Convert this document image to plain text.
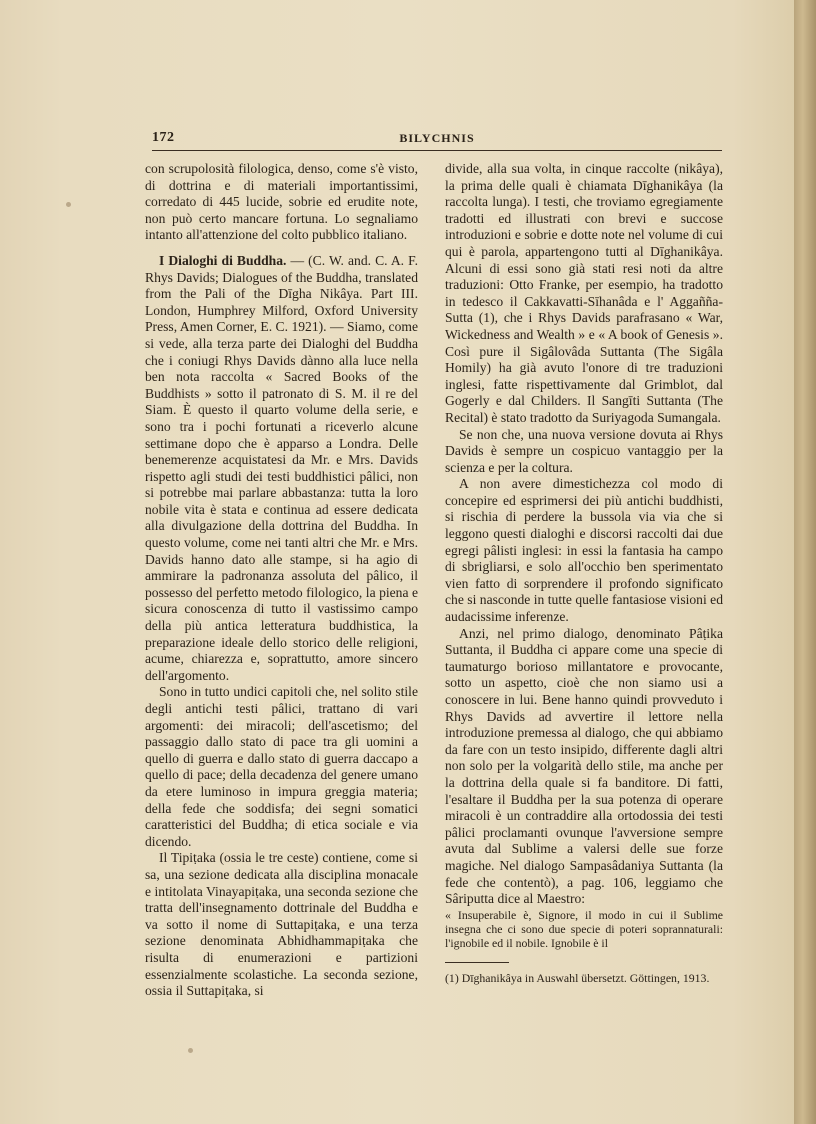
172	BILYCHNIS

con scrupolosità filologica, denso, come s'è visto, di dottrina e di materiali importantissimi, corredato di 445 lucide, sobrie ed erudite note, non può certo mancare fortuna. Lo segnaliamo intanto all'attenzione del colto pubblico italiano.

I Dialoghi di Buddha. — (C. W. and. C. A. F. Rhys Davids; Dialogues of the Buddha, translated from the Pali of the Dīgha Nikâya. Part III. London, Humphrey Milford, Oxford University Press, Amen Corner, E. C. 1921). — Siamo, come si vede, alla terza parte dei Dialoghi del Buddha che i coniugi Rhys Davids dànno alla luce nella ben nota raccolta « Sacred Books of the Buddhists » sotto il patronato di S. M. il re del Siam. È questo il quarto volume della serie, e sono tra i pochi fortunati a riceverlo alcune settimane dopo che è apparso a Londra. Delle benemerenze acquistatesi da Mr. e Mrs. Davids rispetto agli studi dei testi buddhistici pâlici, non si potrebbe mai parlare abbastanza: tutta la loro nobile vita è stata e continua ad essere dedicata alla divulgazione della dottrina del Buddha. In questo volume, come nei tanti altri che Mr. e Mrs. Davids hanno dato alle stampe, si ha agio di ammirare la padronanza assoluta del pâlico, il possesso del perfetto metodo filologico, la piena e sicura conoscenza di tutto il vastissimo campo della più antica letteratura buddhistica, la preparazione ideale dello storico delle religioni, acume, chiarezza e, soprattutto, amore sincero dell'argomento.

Sono in tutto undici capitoli che, nel solito stile degli antichi testi pâlici, trattano di vari argomenti: dei miracoli; dell'ascetismo; del passaggio dallo stato di pace tra gli uomini a quello di guerra e dallo stato di guerra daccapo a quello di pace; della decadenza del genere umano da etere luminoso in impura greggia materia; della fede che soddisfa; dei segni somatici caratteristici del Buddha; di etica sociale e via dicendo.

Il Tipiṭaka (ossia le tre ceste) contiene, come si sa, una sezione dedicata alla disciplina monacale e intitolata Vinayapiṭaka, una seconda sezione che tratta dell'insegnamento dottrinale del Buddha e va sotto il nome di Suttapiṭaka, e una terza sezione denominata Abhidhammapiṭaka che risulta di enumerazioni e partizioni essenzialmente scolastiche. La seconda sezione, ossia il Suttapiṭaka, si

divide, alla sua volta, in cinque raccolte (nikâya), la prima delle quali è chiamata Dīghanikâya (la raccolta lunga). I testi, che troviamo egregiamente tradotti ed illustrati con brevi e succose introduzioni e sobrie e dotte note nel volume di cui qui è parola, appartengono tutti al Dīghanikâya. Alcuni di essi sono già stati resi noti da altre traduzioni: Otto Franke, per esempio, ha tradotto in tedesco il Cakkavatti-Sīhanâda e l' Aggañña-Sutta (1), che i Rhys Davids parafrasano « War, Wickedness and Wealth » e « A book of Genesis ». Così pure il Sigâlovâda Suttanta (The Sigâla Homily) ha già avuto l'onore di tre traduzioni inglesi, fatte rispettivamente dal Grimblot, dal Gogerly e dal Childers. Il Sangīti Suttanta (The Recital) è stato tradotto da Suriyagoda Sumangala.

Se non che, una nuova versione dovuta ai Rhys Davids è sempre un cospicuo vantaggio per la scienza e per la coltura.

A non avere dimestichezza col modo di concepire ed esprimersi dei più antichi buddhisti, si rischia di perdere la bussola via via che si leggono questi dialoghi e discorsi raccolti dai due egregi pâlisti inglesi: in essi la fantasia ha campo di sbrigliarsi, e solo all'occhio ben sperimentato vien fatto di sorprendere il profondo significato che si nasconde in tutte quelle fantasiose visioni ed audacissime inferenze.

Anzi, nel primo dialogo, denominato Pâṭika Suttanta, il Buddha ci appare come una specie di taumaturgo borioso millantatore e provocante, sotto un aspetto, cioè che non siamo usi a conoscere in lui. Bene hanno quindi provveduto i Rhys Davids ad avvertire il lettore nella introduzione premessa al dialogo, che qui abbiamo da fare con un testo insipido, differente dagli altri non solo per la volgarità dello stile, ma anche per la dottrina della quale si fa banditore. Di fatti, l'esaltare il Buddha per la sua potenza di operare miracoli è un contraddire alla ortodossia dei testi pâlici proclamanti ovunque l'avversione sempre avuta dal Sublime a valersi delle sue forze magiche. Nel dialogo Sampasâdaniya Suttanta (la fede che contentò), a pag. 106, leggiamo che Sâriputta dice al Maestro:

« Insuperabile è, Signore, il modo in cui il Sublime insegna che ci sono due specie di poteri soprannaturali: l'ignobile ed il nobile. Ignobile è il

(1) Dīghanikâya in Auswahl übersetzt. Göttingen, 1913.
